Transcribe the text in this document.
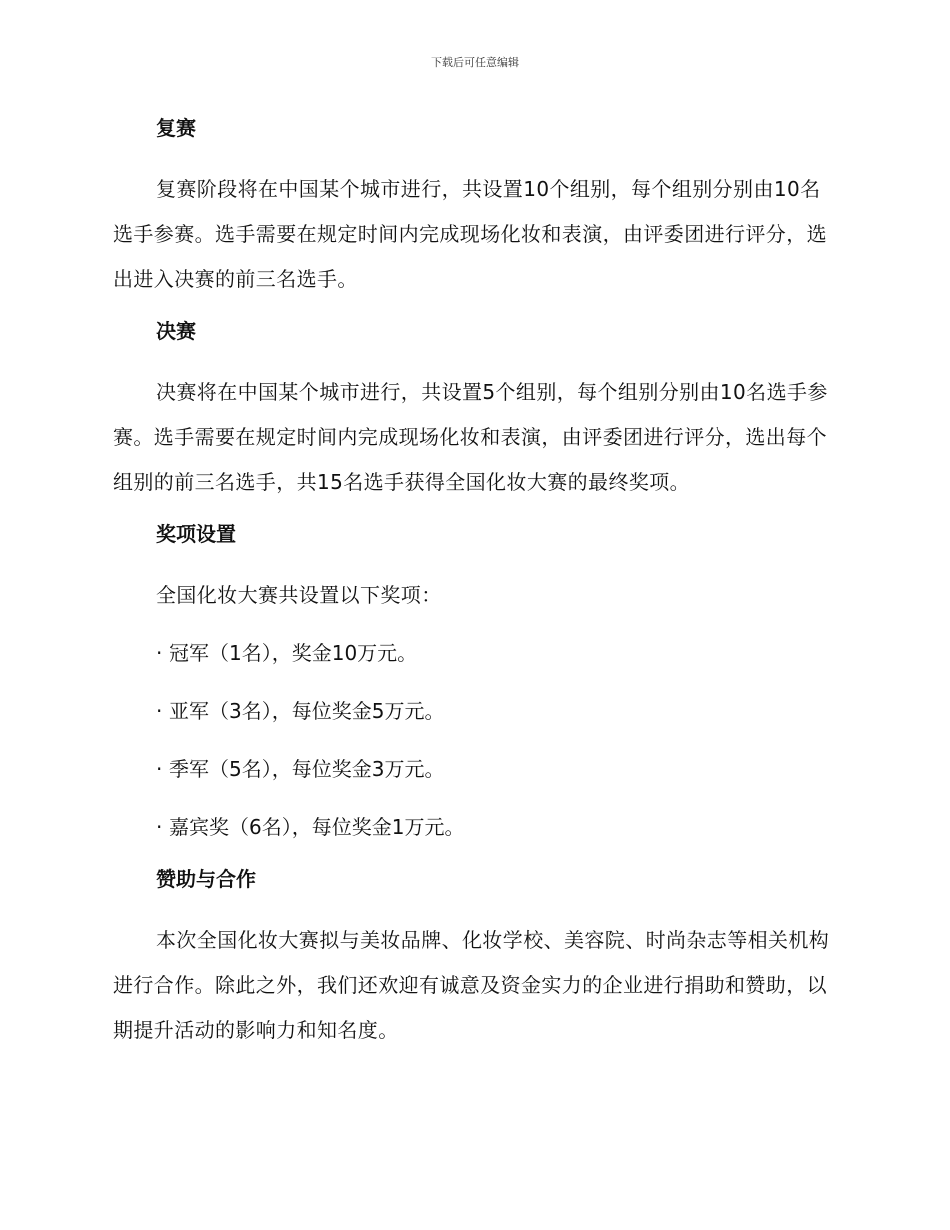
下载后可任意编辑
复赛

复赛阶段将在中国某个城市进行，共设置10个组别，每个组别分别由10名选手参赛。选手需要在规定时间内完成现场化妆和表演，由评委团进行评分，选出进入决赛的前三名选手。

决赛

决赛将在中国某个城市进行，共设置5个组别，每个组别分别由10名选手参赛。选手需要在规定时间内完成现场化妆和表演，由评委团进行评分，选出每个组别的前三名选手，共15名选手获得全国化妆大赛的最终奖项。

奖项设置

全国化妆大赛共设置以下奖项：

· 冠军（1名），奖金10万元。
· 亚军（3名），每位奖金5万元。
· 季军（5名），每位奖金3万元。
· 嘉宾奖（6名），每位奖金1万元。
赞助与合作

本次全国化妆大赛拟与美妆品牌、化妆学校、美容院、时尚杂志等相关机构进行合作。除此之外，我们还欢迎有诚意及资金实力的企业进行捐助和赞助，以期提升活动的影响力和知名度。
